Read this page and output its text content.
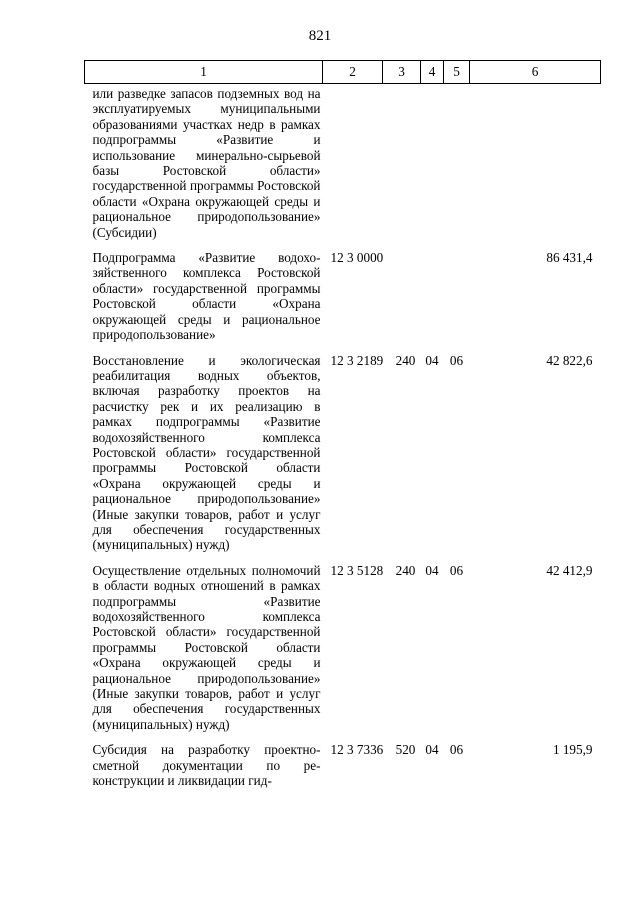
821
1	2	3	4	5	6
или разведке запасов подземных вод на эксплуатируемых муниципальными образованиями участках недр в рамках подпрограммы «Развитие и использование минерально-сырьевой базы Ростовской области» государственной программы Ростовской области «Охрана окружающей среды и рациональное природопользование» (Субсидии)					
Подпрограмма «Развитие водохозяйственного комплекса Ростовской области» государственной программы Ростовской области «Охрана окружающей среды и рациональное природопользование»	12 3 0000				86 431,4
Восстановление и экологическая реабилитация водных объектов, включая разработку проектов на расчистку рек и их реализацию в рамках подпрограммы «Развитие водохозяйственного комплекса Ростовской области» государственной программы Ростовской области «Охрана окружающей среды и рациональное природопользование» (Иные закупки товаров, работ и услуг для обеспечения государственных (муниципальных) нужд)	12 3 2189	240	04	06	42 822,6
Осуществление отдельных полномочий в области водных отношений в рамках подпрограммы «Развитие водохозяйственного комплекса Ростовской области» государственной программы Ростовской области «Охрана окружающей среды и рациональное природопользование» (Иные закупки товаров, работ и услуг для обеспечения государственных (муниципальных) нужд)	12 3 5128	240	04	06	42 412,9
Субсидия на разработку проектно-сметной документации по реконструкции и ликвидации гид-	12 3 7336	520	04	06	1 195,9
